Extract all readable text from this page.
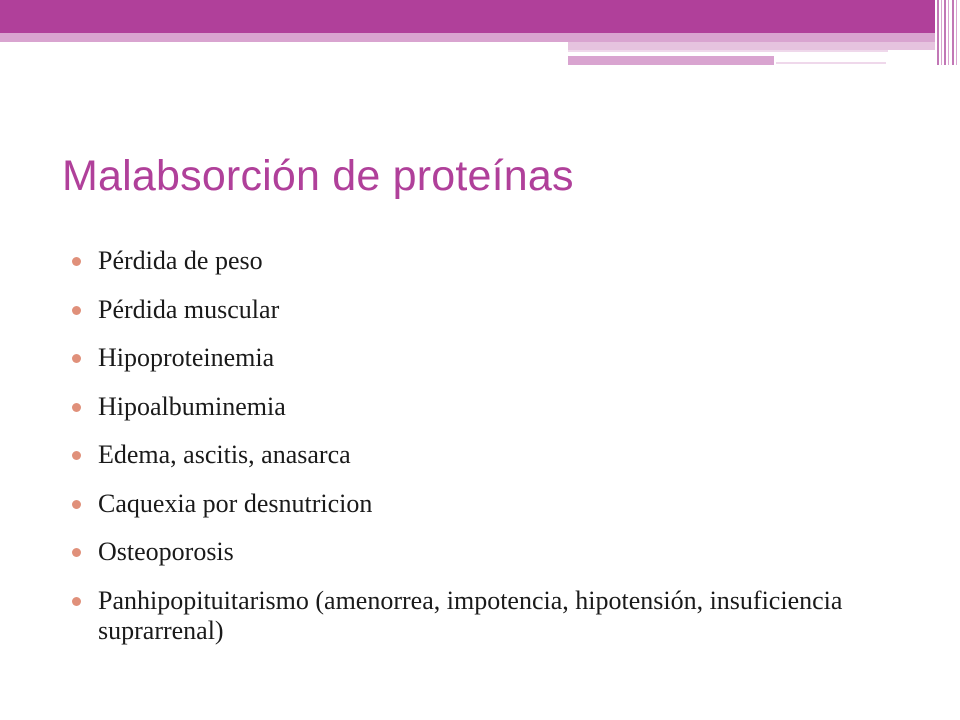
Malabsorción de proteínas
Pérdida de peso
Pérdida muscular
Hipoproteinemia
Hipoalbuminemia
Edema, ascitis, anasarca
Caquexia por desnutricion
Osteoporosis
Panhipopituitarismo (amenorrea, impotencia, hipotensión, insuficiencia suprarrenal)
